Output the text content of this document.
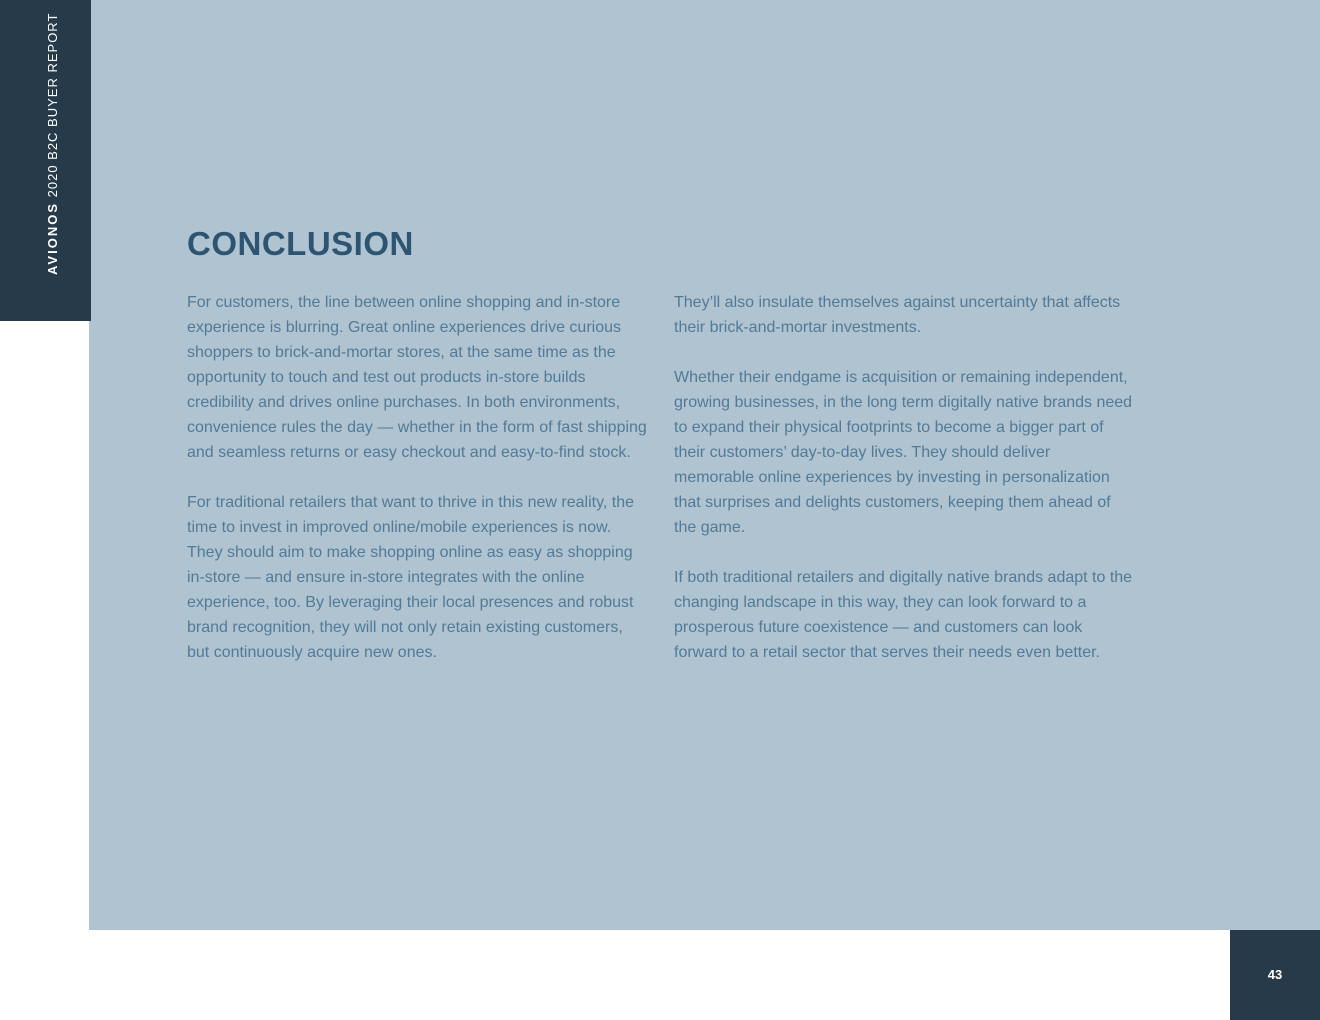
AVIONOS 2020 B2C BUYER REPORT
CONCLUSION

For customers, the line between online shopping and in-store experience is blurring. Great online experiences drive curious shoppers to brick-and-mortar stores, at the same time as the opportunity to touch and test out products in-store builds credibility and drives online purchases. In both environments, convenience rules the day — whether in the form of fast shipping and seamless returns or easy checkout and easy-to-find stock.

For traditional retailers that want to thrive in this new reality, the time to invest in improved online/mobile experiences is now. They should aim to make shopping online as easy as shopping in-store — and ensure in-store integrates with the online experience, too. By leveraging their local presences and robust brand recognition, they will not only retain existing customers, but continuously acquire new ones.

They’ll also insulate themselves against uncertainty that affects their brick-and-mortar investments.

Whether their endgame is acquisition or remaining independent, growing businesses, in the long term digitally native brands need to expand their physical footprints to become a bigger part of their customers’ day-to-day lives. They should deliver memorable online experiences by investing in personalization that surprises and delights customers, keeping them ahead of the game.

If both traditional retailers and digitally native brands adapt to the changing landscape in this way, they can look forward to a prosperous future coexistence — and customers can look forward to a retail sector that serves their needs even better.

43
